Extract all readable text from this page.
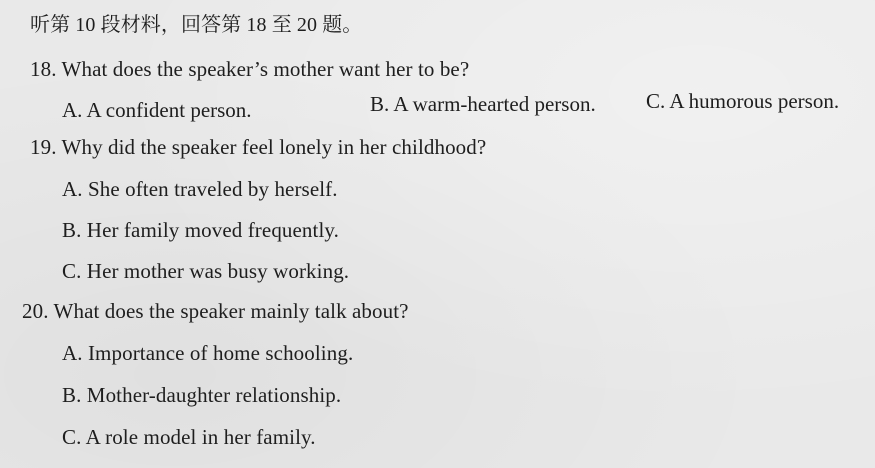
听第 10 段材料，回答第 18 至 20 题。
18. What does the speaker’s mother want her to be?
A. A confident person.	B. A warm-hearted person. C. A humorous person.
19. Why did the speaker feel lonely in her childhood?
A. She often traveled by herself.
B. Her family moved frequently.
C. Her mother was busy working.
20. What does the speaker mainly talk about?
A. Importance of home schooling.
B. Mother-daughter relationship.
C. A role model in her family.
